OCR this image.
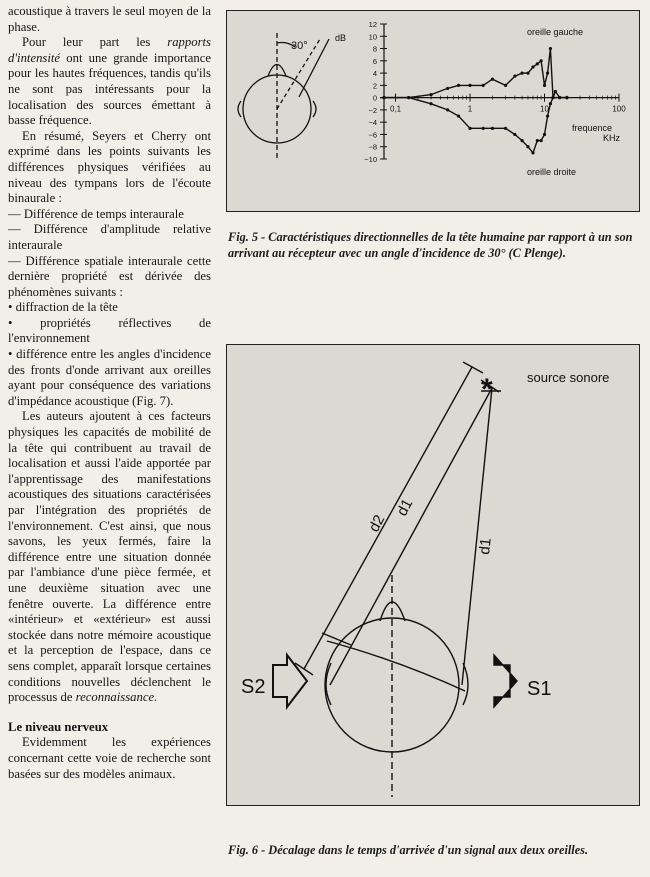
acoustique à travers le seul moyen de la phase.

Pour leur part les rapports d'intensité ont une grande importance pour les hautes fréquences, tandis qu'ils ne sont pas intéressants pour la localisation des sources émettant à basse fréquence.

En résumé, Seyers et Cherry ont exprimé dans les points suivants les différences physiques vérifiées au niveau des tympans lors de l'écoute binaurale :

— Différence de temps interaurale

— Différence d'amplitude relative interaurale

— Différence spatiale interaurale cette dernière propriété est dérivée des phénomènes suivants :

• diffraction de la tête

• propriétés réflectives de l'environnement

• différence entre les angles d'incidence des fronts d'onde arrivant aux oreilles ayant pour conséquence des variations d'impédance acoustique (Fig. 7).

Les auteurs ajoutent à ces facteurs physiques les capacités de mobilité de la tête qui contribuent au travail de localisation et aussi l'aide apportée par l'apprentissage des manifestations acoustiques des situations caractérisées par l'intégration des propriétés de l'environnement. C'est ainsi, que nous savons, les yeux fermés, faire la différence entre une situation donnée par l'ambiance d'une pièce fermée, et une deuxième situation avec une fenêtre ouverte. La différence entre «intérieur» et «extérieur» est aussi stockée dans notre mémoire acoustique et la perception de l'espace, dans ce sens complet, apparaît lorsque certaines conditions nouvelles déclenchent le processus de reconnaissance.

Le niveau nerveux

Evidemment les expériences concernant cette voie de recherche sont basées sur des modèles animaux.

30°
dB
12
10
8
6
4
2
0
−2
−4
−6
−8
−10
0,1	1	10	100
oreille gauche
oreille droite
frequence
KHz
Fig. 5 - Caractéristiques directionnelles de la tête humaine par rapport à un son arrivant au récepteur avec un angle d'incidence de 30° (C Plenge).
*	source sonore
d2
d1
d1
S2	S1
Fig. 6 - Décalage dans le temps d'arrivée d'un signal aux deux oreilles.
